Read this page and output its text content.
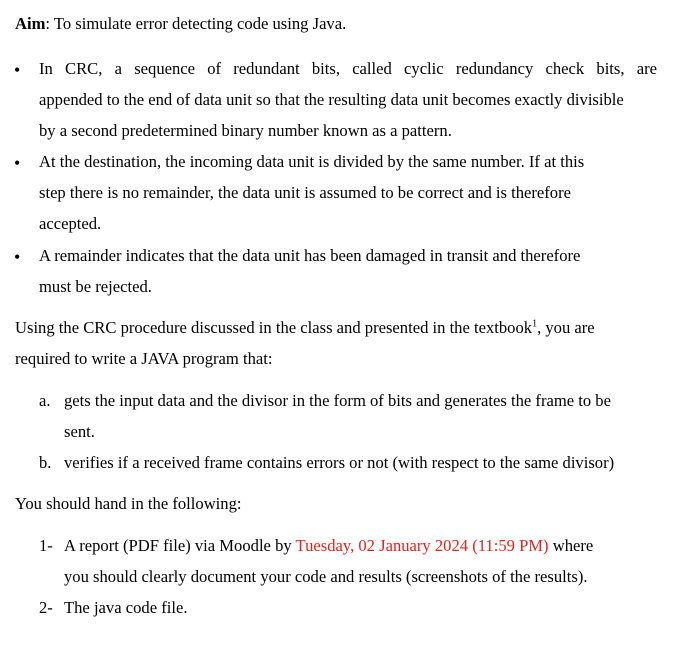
Aim: To simulate error detecting code using Java.
• In CRC, a sequence of redundant bits, called cyclic redundancy check bits, are
appended to the end of data unit so that the resulting data unit becomes exactly divisible
by a second predetermined binary number known as a pattern.
• At the destination, the incoming data unit is divided by the same number. If at this
step there is no remainder, the data unit is assumed to be correct and is therefore
accepted.
• A remainder indicates that the data unit has been damaged in transit and therefore
must be rejected.
Using the CRC procedure discussed in the class and presented in the textbook$^1$, you are
required to write a JAVA program that:
a. gets the input data and the divisor in the form of bits and generates the frame to be
sent.
b. verifies if a received frame contains errors or not (with respect to the same divisor)
You should hand in the following:
1- A report (PDF file) via Moodle by Tuesday, 02 January 2024 (11:59 PM) where
you should clearly document your code and results (screenshots of the results).
2- The java code file.
